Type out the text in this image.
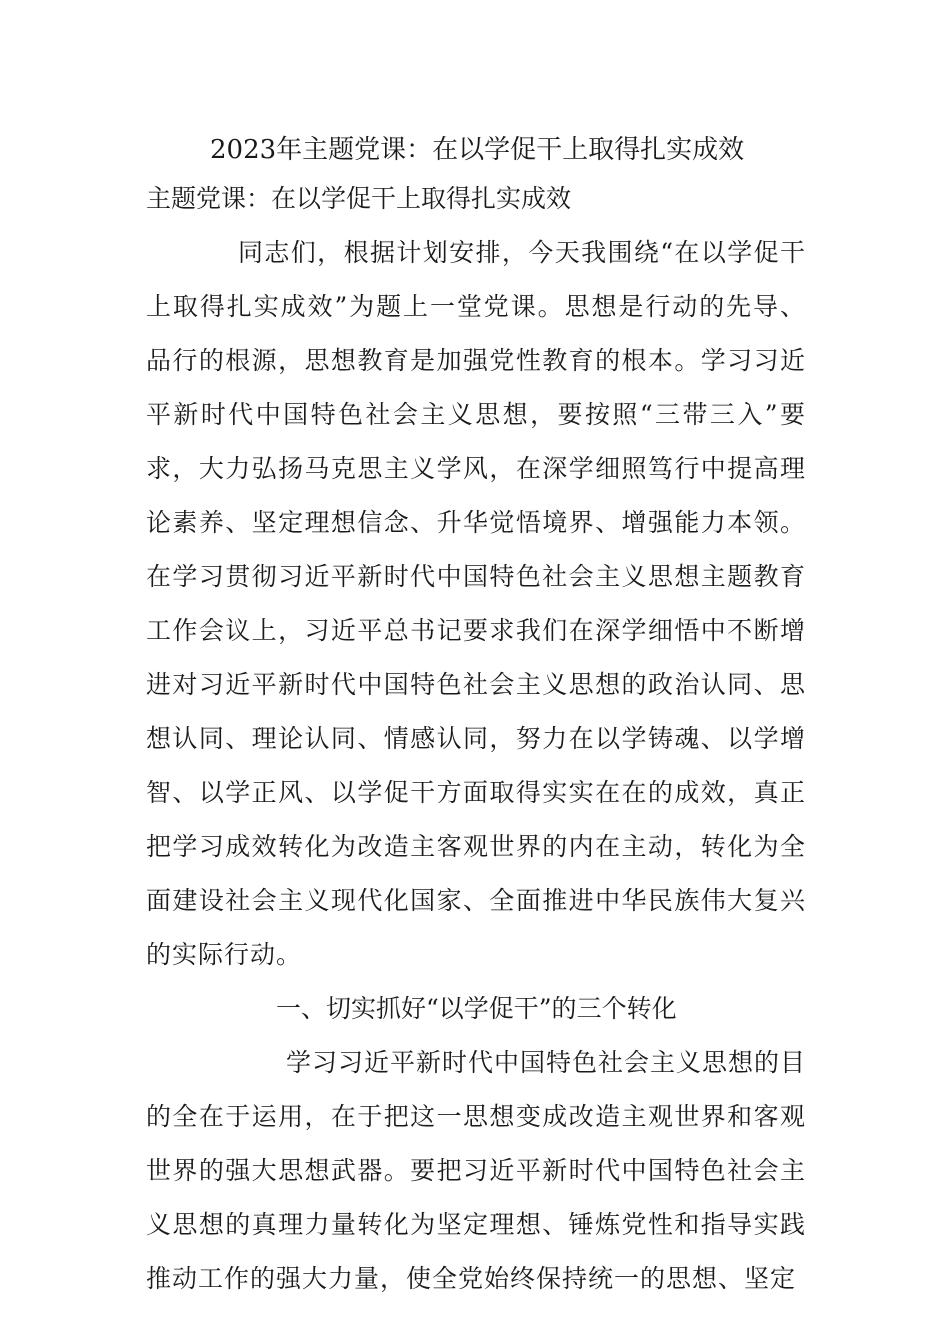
2023年主题党课：在以学促干上取得扎实成效
主题党课：在以学促干上取得扎实成效

同志们，根据计划安排，今天我围绕“在以学促干上取得扎实成效”为题上一堂党课。思想是行动的先导、品行的根源，思想教育是加强党性教育的根本。学习习近平新时代中国特色社会主义思想，要按照“三带三入”要求，大力弘扬马克思主义学风，在深学细照笃行中提高理论素养、坚定理想信念、升华觉悟境界、增强能力本领。在学习贯彻习近平新时代中国特色社会主义思想主题教育工作会议上，习近平总书记要求我们在深学细悟中不断增进对习近平新时代中国特色社会主义思想的政治认同、思想认同、理论认同、情感认同，努力在以学铸魂、以学增智、以学正风、以学促干方面取得实实在在的成效，真正把学习成效转化为改造主客观世界的内在主动，转化为全面建设社会主义现代化国家、全面推进中华民族伟大复兴的实际行动。

一、切实抓好“以学促干”的三个转化

学习习近平新时代中国特色社会主义思想的目的全在于运用，在于把这一思想变成改造主观世界和客观世界的强大思想武器。要把习近平新时代中国特色社会主义思想的真理力量转化为坚定理想、锤炼党性和指导实践推动工作的强大力量，使全党始终保持统一的思想、坚定
